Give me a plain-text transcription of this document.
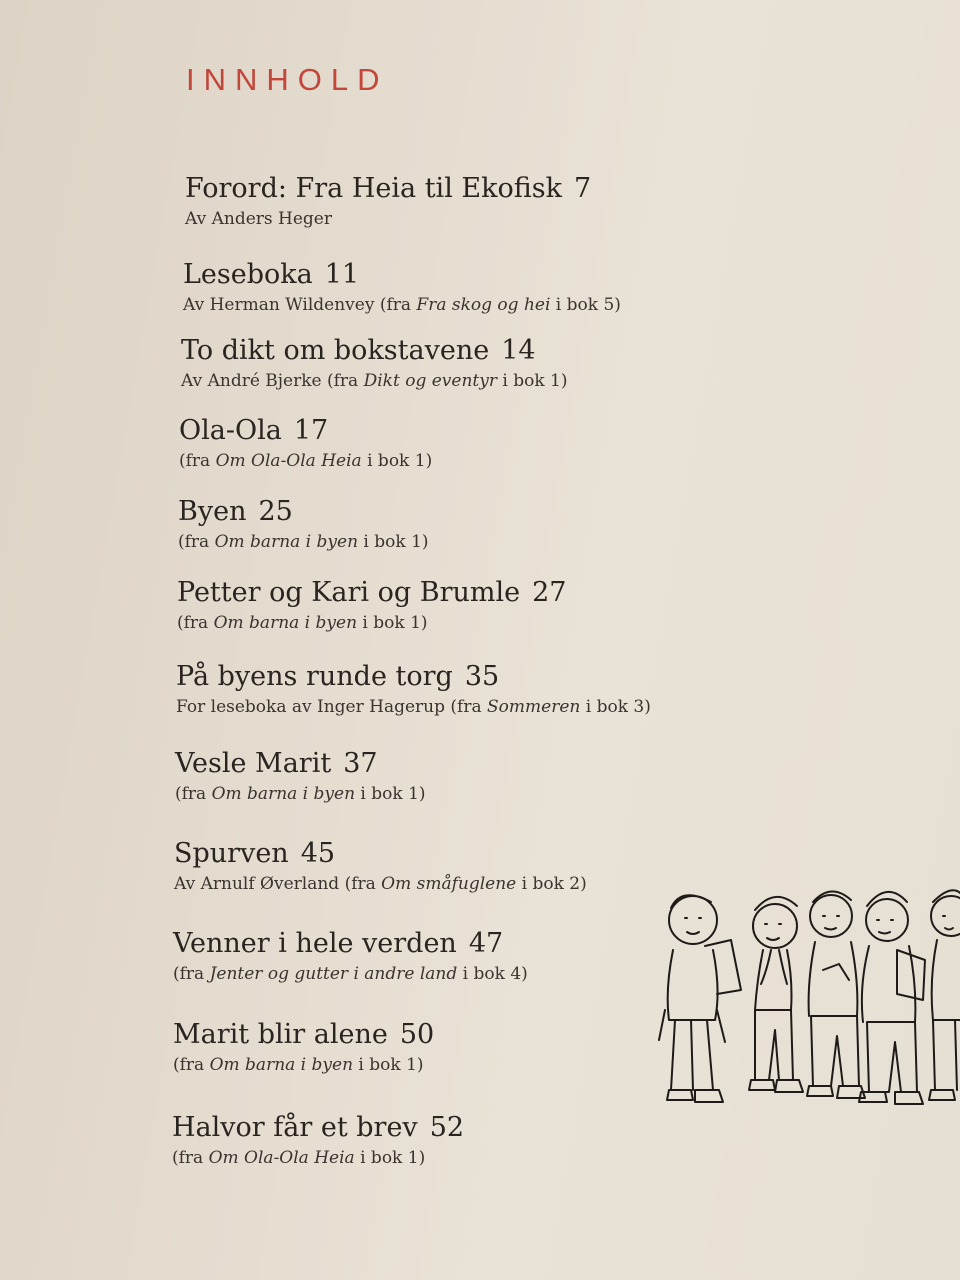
INNHOLD
Forord: Fra Heia til Ekofisk 7
Av Anders Heger
Leseboka 11
Av Herman Wildenvey (fra Fra skog og hei i bok 5)
To dikt om bokstavene 14
Av André Bjerke (fra Dikt og eventyr i bok 1)
Ola-Ola 17
(fra Om Ola-Ola Heia i bok 1)
Byen 25
(fra Om barna i byen i bok 1)
Petter og Kari og Brumle 27
(fra Om barna i byen i bok 1)
På byens runde torg 35
For leseboka av Inger Hagerup (fra Sommeren i bok 3)
Vesle Marit 37
(fra Om barna i byen i bok 1)
Spurven 45
Av Arnulf Øverland (fra Om småfuglene i bok 2)
Venner i hele verden 47
(fra Jenter og gutter i andre land i bok 4)
Marit blir alene 50
(fra Om barna i byen i bok 1)
Halvor får et brev 52
(fra Om Ola-Ola Heia i bok 1)
